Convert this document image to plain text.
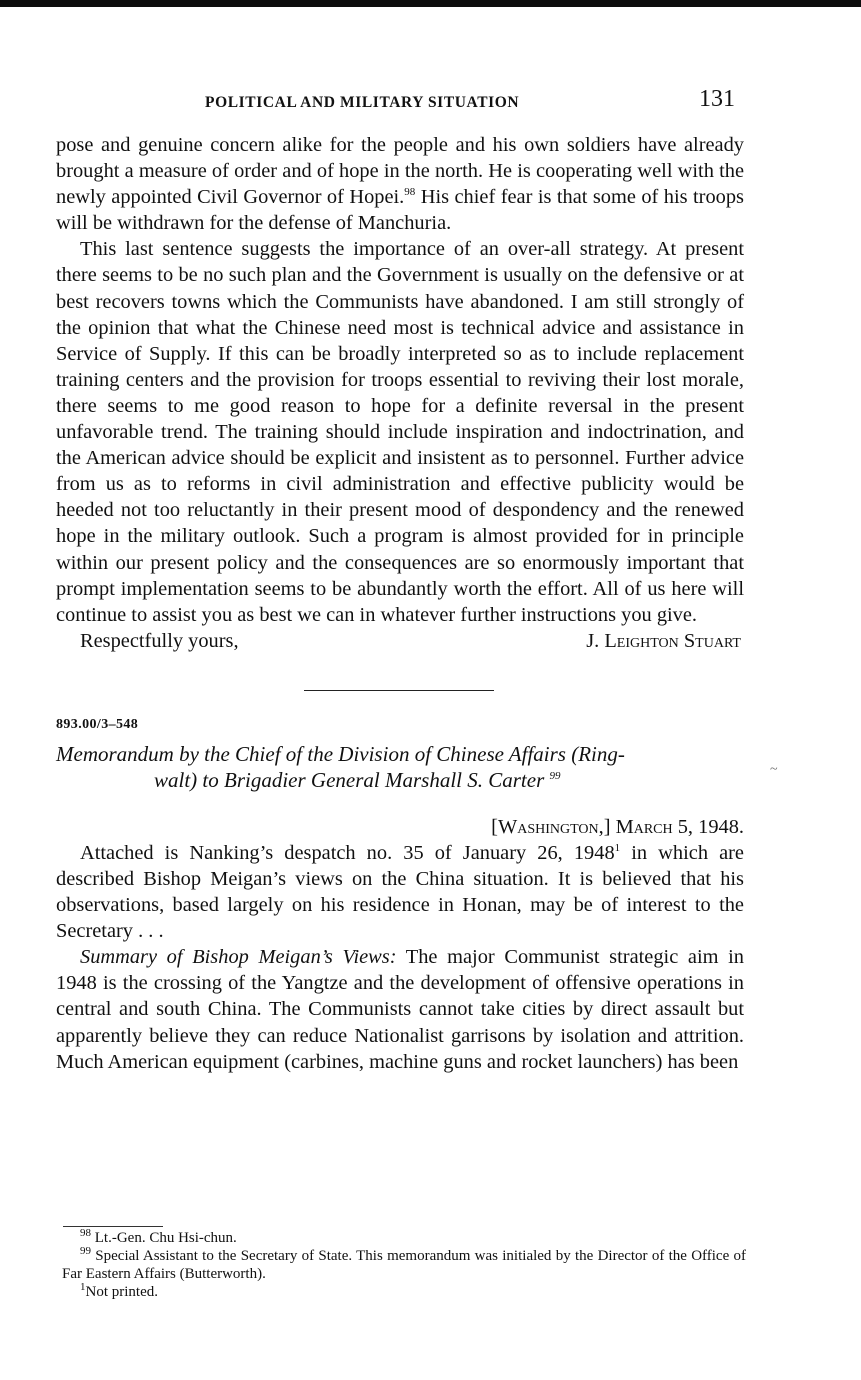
POLITICAL AND MILITARY SITUATION	131

pose and genuine concern alike for the people and his own soldiers have already brought a measure of order and of hope in the north. He is cooperating well with the newly appointed Civil Governor of Hopei.$^{98}$ His chief fear is that some of his troops will be withdrawn for the defense of Manchuria.

This last sentence suggests the importance of an over-all strategy. At present there seems to be no such plan and the Government is usually on the defensive or at best recovers towns which the Communists have abandoned. I am still strongly of the opinion that what the Chinese need most is technical advice and assistance in Service of Supply. If this can be broadly interpreted so as to include replacement training centers and the provision for troops essential to reviving their lost morale, there seems to me good reason to hope for a definite reversal in the present unfavorable trend. The training should include inspiration and indoctrination, and the American advice should be explicit and insistent as to personnel. Further advice from us as to reforms in civil administration and effective publicity would be heeded not too reluctantly in their present mood of despondency and the renewed hope in the military outlook. Such a program is almost provided for in principle within our present policy and the consequences are so enormously important that prompt implementation seems to be abundantly worth the effort. All of us here will continue to assist you as best we can in whatever further instructions you give.

Respectfully yours,	J. Leighton Stuart
893.00/3–548
Memorandum by the Chief of the Division of Chinese Affairs (Ring-
walt) to Brigadier General Marshall S. Carter $^{99}$
[Washington,] March 5, 1948.

Attached is Nanking’s despatch no. 35 of January 26, 1948$^1$ in which are described Bishop Meigan’s views on the China situation. It is believed that his observations, based largely on his residence in Honan, may be of interest to the Secretary . . .

Summary of Bishop Meigan’s Views: The major Communist strategic aim in 1948 is the crossing of the Yangtze and the development of offensive operations in central and south China. The Communists cannot take cities by direct assault but apparently believe they can reduce Nationalist garrisons by isolation and attrition. Much American equipment (carbines, machine guns and rocket launchers) has been

~

$^{98}$ Lt.-Gen. Chu Hsi-chun.

$^{99}$ Special Assistant to the Secretary of State. This memorandum was initialed by the Director of the Office of Far Eastern Affairs (Butterworth).

$^1$Not printed.
